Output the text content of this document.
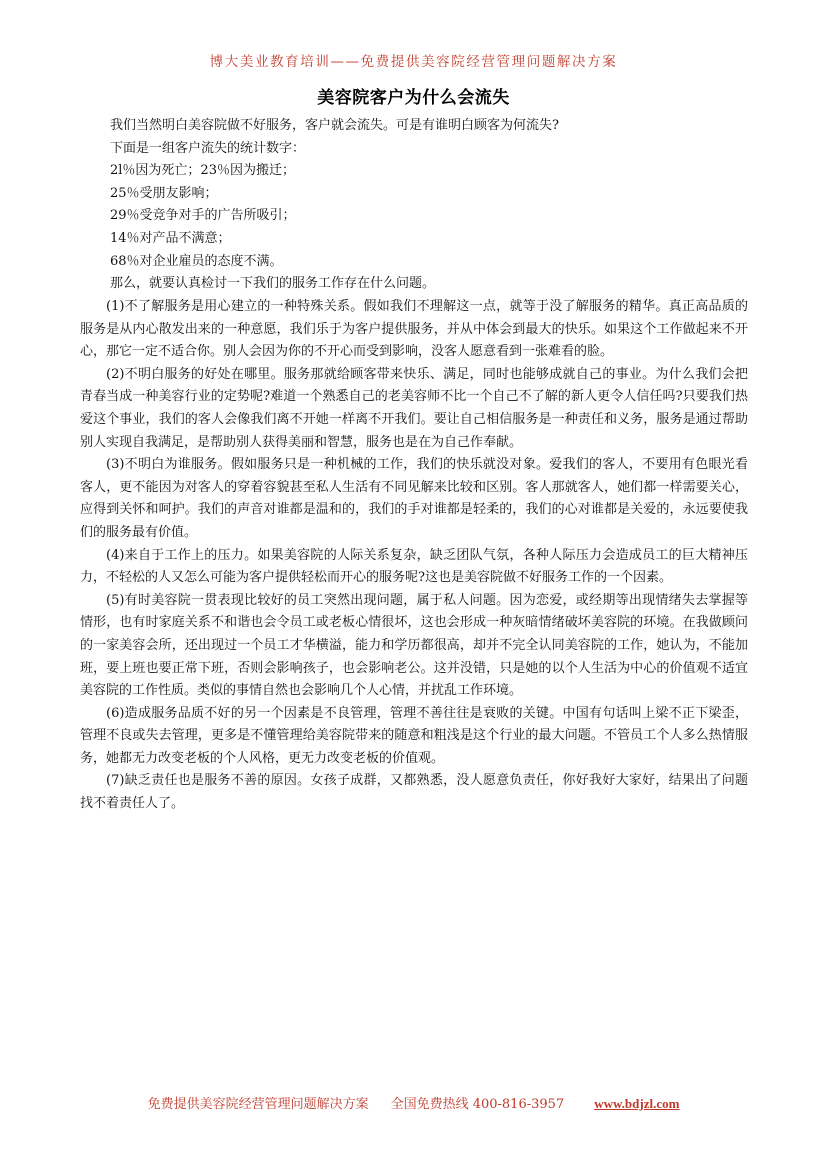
博大美业教育培训——免费提供美容院经营管理问题解决方案
美容院客户为什么会流失
我们当然明白美容院做不好服务，客户就会流失。可是有谁明白顾客为何流失?
下面是一组客户流失的统计数字：
2l％因为死亡；23％因为搬迁；
25％受朋友影响；
29％受竞争对手的广告所吸引；
14％对产品不满意；
68％对企业雇员的态度不满。
那么，就要认真检讨一下我们的服务工作存在什么问题。

(1)不了解服务是用心建立的一种特殊关系。假如我们不理解这一点，就等于没了解服务的精华。真正高品质的服务是从内心散发出来的一种意愿，我们乐于为客户提供服务，并从中体会到最大的快乐。如果这个工作做起来不开心，那它一定不适合你。别人会因为你的不开心而受到影响，没客人愿意看到一张难看的脸。

(2)不明白服务的好处在哪里。服务那就给顾客带来快乐、满足，同时也能够成就自己的事业。为什么我们会把青春当成一种美容行业的定势呢?难道一个熟悉自己的老美容师不比一个自己不了解的新人更令人信任吗?只要我们热爱这个事业，我们的客人会像我们离不开她一样离不开我们。要让自己相信服务是一种责任和义务，服务是通过帮助别人实现自我满足，是帮助别人获得美丽和智慧，服务也是在为自己作奉献。

(3)不明白为谁服务。假如服务只是一种机械的工作，我们的快乐就没对象。爱我们的客人，不要用有色眼光看客人，更不能因为对客人的穿着容貌甚至私人生活有不同见解来比较和区别。客人那就客人，她们都一样需要关心，应得到关怀和呵护。我们的声音对谁都是温和的，我们的手对谁都是轻柔的，我们的心对谁都是关爱的，永远要使我们的服务最有价值。

(4)来自于工作上的压力。如果美容院的人际关系复杂，缺乏团队气氛，各种人际压力会造成员工的巨大精神压力，不轻松的人又怎么可能为客户提供轻松而开心的服务呢?这也是美容院做不好服务工作的一个因素。

(5)有时美容院一贯表现比较好的员工突然出现问题，属于私人问题。因为恋爱，或经期等出现情绪失去掌握等情形，也有时家庭关系不和谐也会令员工或老板心情很坏，这也会形成一种灰暗情绪破坏美容院的环境。在我做顾问的一家美容会所，还出现过一个员工才华横溢，能力和学历都很高，却并不完全认同美容院的工作，她认为，不能加班，要上班也要正常下班，否则会影响孩子，也会影响老公。这并没错，只是她的以个人生活为中心的价值观不适宜美容院的工作性质。类似的事情自然也会影响几个人心情，并扰乱工作环境。

(6)造成服务品质不好的另一个因素是不良管理，管理不善往往是衰败的关键。中国有句话叫上梁不正下梁歪，管理不良或失去管理，更多是不懂管理给美容院带来的随意和粗浅是这个行业的最大问题。不管员工个人多么热情服务，她都无力改变老板的个人风格，更无力改变老板的价值观。

(7)缺乏责任也是服务不善的原因。女孩子成群，又都熟悉，没人愿意负责任，你好我好大家好，结果出了问题找不着责任人了。

免费提供美容院经营管理问题解决方案 全国免费热线 400-816-3957 www.bdjzl.com
